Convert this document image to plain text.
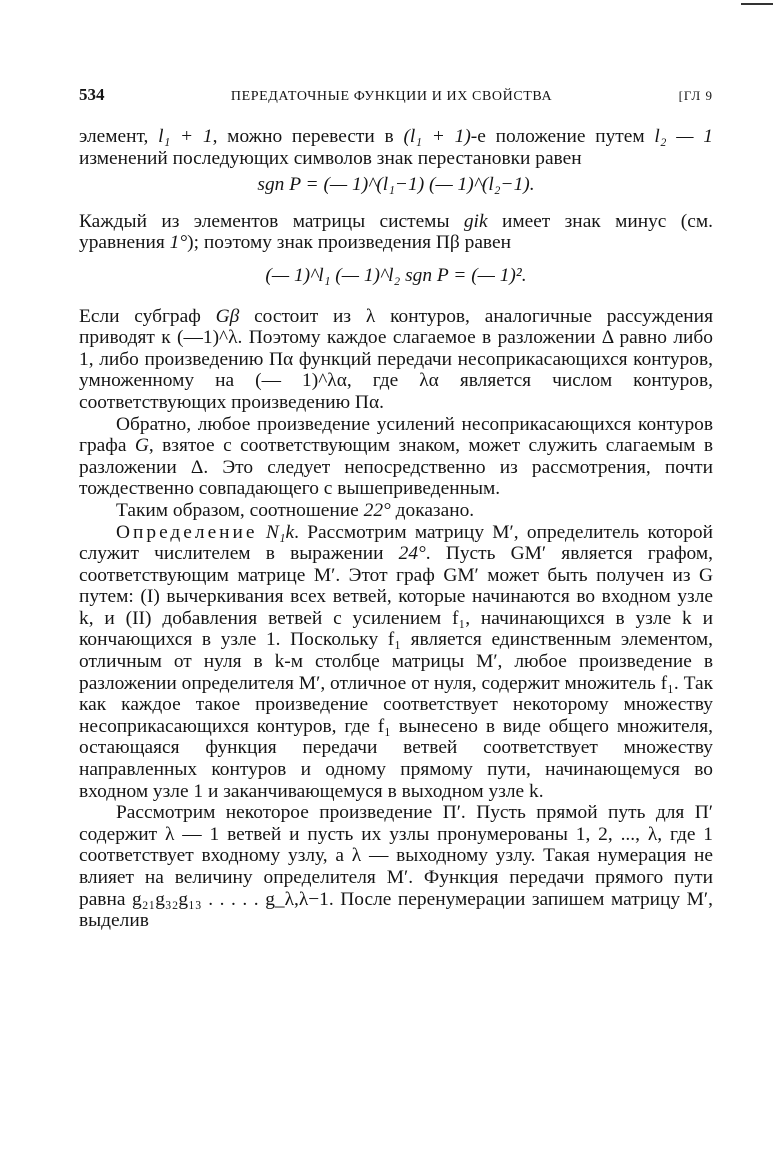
534	ПЕРЕДАТОЧНЫЕ ФУНКЦИИ И ИХ СВОЙСТВА	[ГЛ 9

элемент, l₁ + 1, можно перевести в (l₁ + 1)-е положение путем l₂ — 1 изменений последующих символов знак перестановки равен

sgn P = (— 1)^(l₁−1) (— 1)^(l₂−1).

Каждый из элементов матрицы системы gik имеет знак минус (см. уравнения 1°); поэтому знак произведения Πβ равен

(— 1)^l₁ (— 1)^l₂ sgn P = (— 1)².

Если субграф Gβ состоит из λ контуров, аналогичные рассуждения приводят к (—1)^λ. Поэтому каждое слагаемое в разложении Δ равно либо 1, либо произведению Πα функций передачи несоприкасающихся контуров, умноженному на (— 1)^λα, где λα является числом контуров, соответствующих произведению Πα.

Обратно, любое произведение усилений несоприкасающихся контуров графа G, взятое с соответствующим знаком, может служить слагаемым в разложении Δ. Это следует непосредственно из рассмотрения, почти тождественно совпадающего с вышеприведенным.

Таким образом, соотношение 22° доказано.

Определение N₁k. Рассмотрим матрицу M′, определитель которой служит числителем в выражении 24°. Пусть GM′ является графом, соответствующим матрице M′. Этот граф GM′ может быть получен из G путем: (I) вычеркивания всех ветвей, которые начинаются во входном узле k, и (II) добавления ветвей с усилением f₁, начинающихся в узле k и кончающихся в узле 1. Поскольку f₁ является единственным элементом, отличным от нуля в k-м столбце матрицы M′, любое произведение в разложении определителя M′, отличное от нуля, содержит множитель f₁. Так как каждое такое произведение соответствует некоторому множеству несоприкасающихся контуров, где f₁ вынесено в виде общего множителя, остающаяся функция передачи ветвей соответствует множеству направленных контуров и одному прямому пути, начинающемуся во входном узле 1 и заканчивающемуся в выходном узле k.

Рассмотрим некоторое произведение Π′. Пусть прямой путь для Π′ содержит λ — 1 ветвей и пусть их узлы пронумерованы 1, 2, ..., λ, где 1 соответствует входному узлу, а λ — выходному узлу. Такая нумерация не влияет на величину определителя M′. Функция передачи прямого пути равна g₂₁g₃₂g₁₃ . . . . . g_λ,λ−1. После перенумерации запишем матрицу M′, выделив
